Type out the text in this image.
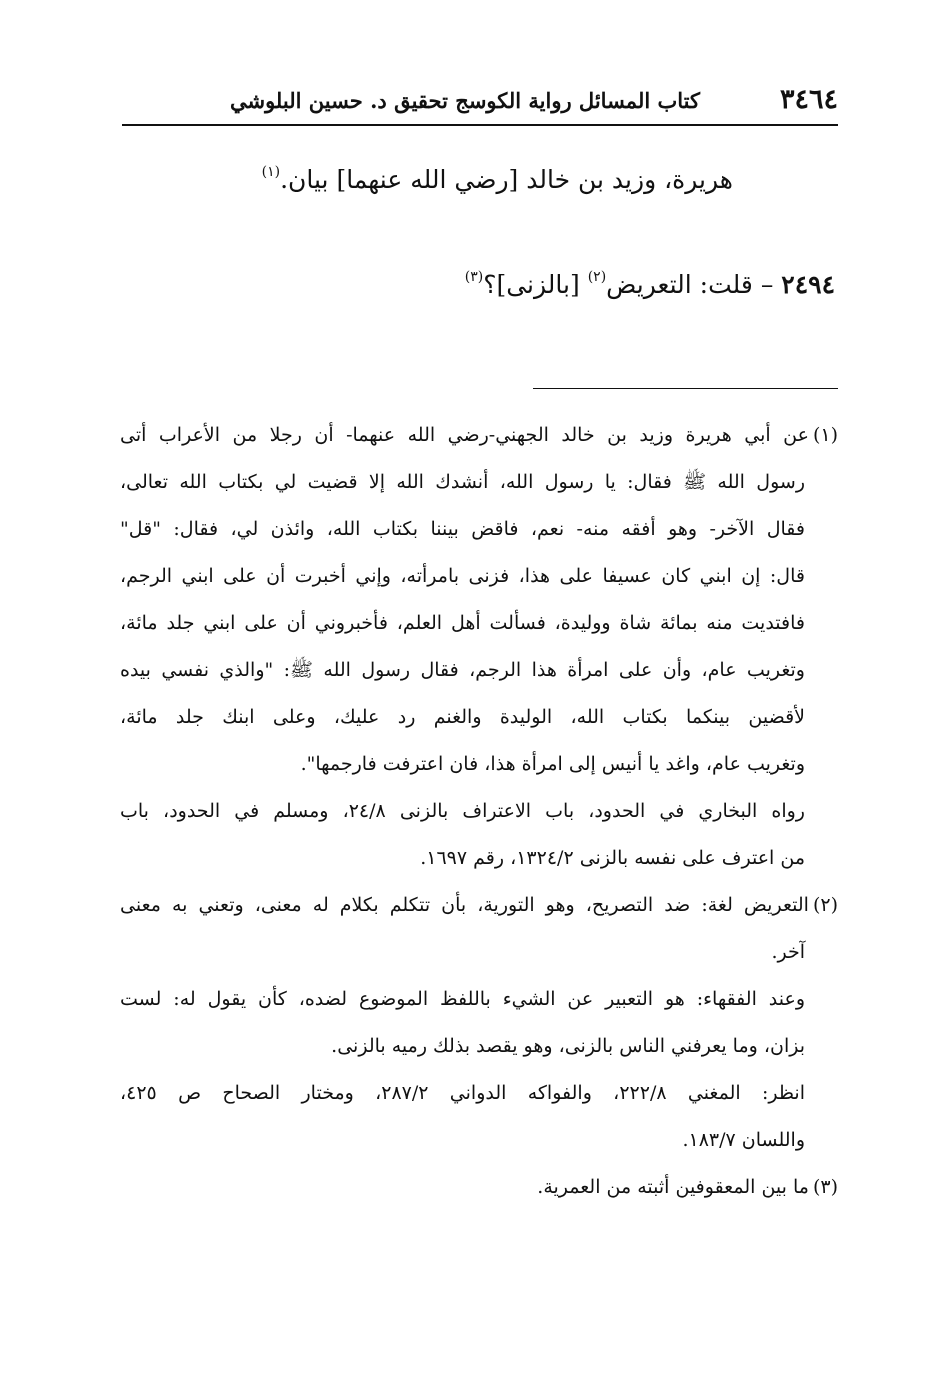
٣٤٦٤
كتاب المسائل رواية الكوسج تحقيق د. حسين البلوشي
هريرة، وزيد بن خالد [رضي الله عنهما] بيان.$^{(١)}$
٢٤٩٤ – قلت: التعريض$^{(٢)}$ [بالزنى]؟$^{(٣)}$
(١)عن أبي هريرة وزيد بن خالد الجهني-رضي الله عنهما- أن رجلا من الأعراب أتى
رسول الله ﷺ فقال: يا رسول الله، أنشدك الله إلا قضيت لي بكتاب الله تعالى،
فقال الآخر- وهو أفقه منه- نعم، فاقض بيننا بكتاب الله، وائذن لي، فقال: "قل"
قال: إن ابني كان عسيفا على هذا، فزنى بامرأته، وإني أخبرت أن على ابني الرجم،
فافتديت منه بمائة شاة ووليدة، فسألت أهل العلم، فأخبروني أن على ابني جلد مائة،
وتغريب عام، وأن على امرأة هذا الرجم، فقال رسول الله ﷺ: "والذي نفسي بيده
لأقضين بينكما بكتاب الله، الوليدة والغنم رد عليك، وعلى ابنك جلد مائة،
وتغريب عام، واغد يا أنيس إلى امرأة هذا، فان اعترفت فارجمها".
رواه البخاري في الحدود، باب الاعتراف بالزنى ٢٤/٨، ومسلم في الحدود، باب
من اعترف على نفسه بالزنى ١٣٢٤/٢، رقم ١٦٩٧.
(٢)التعريض لغة: ضد التصريح، وهو التورية، بأن تتكلم بكلام له معنى، وتعني به معنى
آخر.
وعند الفقهاء: هو التعبير عن الشيء باللفظ الموضوع لضده، كأن يقول له: لست
بزان، وما يعرفني الناس بالزنى، وهو يقصد بذلك رميه بالزنى.
انظر: المغني ٢٢٢/٨، والفواكه الدواني ٢٨٧/٢، ومختار الصحاح ص ٤٢٥،
واللسان ١٨٣/٧.
(٣)ما بين المعقوفين أثبته من العمرية.
